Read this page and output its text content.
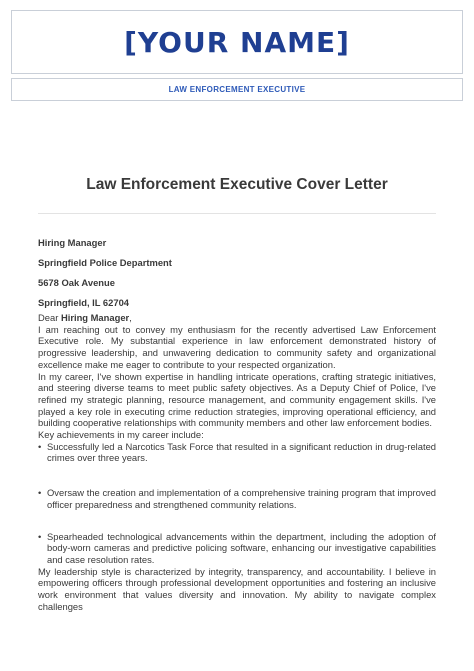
[YOUR NAME]
LAW ENFORCEMENT EXECUTIVE
Law Enforcement Executive Cover Letter
Hiring Manager
Springfield Police Department
5678 Oak Avenue
Springfield, IL 62704

Dear Hiring Manager,

I am reaching out to convey my enthusiasm for the recently advertised Law Enforcement Executive role. My substantial experience in law enforcement demonstrated history of progressive leadership, and unwavering dedication to community safety and organizational excellence make me eager to contribute to your respected organization.

In my career, I've shown expertise in handling intricate operations, crafting strategic initiatives, and steering diverse teams to meet public safety objectives. As a Deputy Chief of Police, I've refined my strategic planning, resource management, and community engagement skills. I've played a key role in executing crime reduction strategies, improving operational efficiency, and building cooperative relationships with community members and other law enforcement bodies.

Key achievements in my career include:

• Successfully led a Narcotics Task Force that resulted in a significant reduction in drug-related crimes over three years.
• Oversaw the creation and implementation of a comprehensive training program that improved officer preparedness and strengthened community relations.
• Spearheaded technological advancements within the department, including the adoption of body-worn cameras and predictive policing software, enhancing our investigative capabilities and case resolution rates.

My leadership style is characterized by integrity, transparency, and accountability. I believe in empowering officers through professional development opportunities and fostering an inclusive work environment that values diversity and innovation. My ability to navigate complex challenges
